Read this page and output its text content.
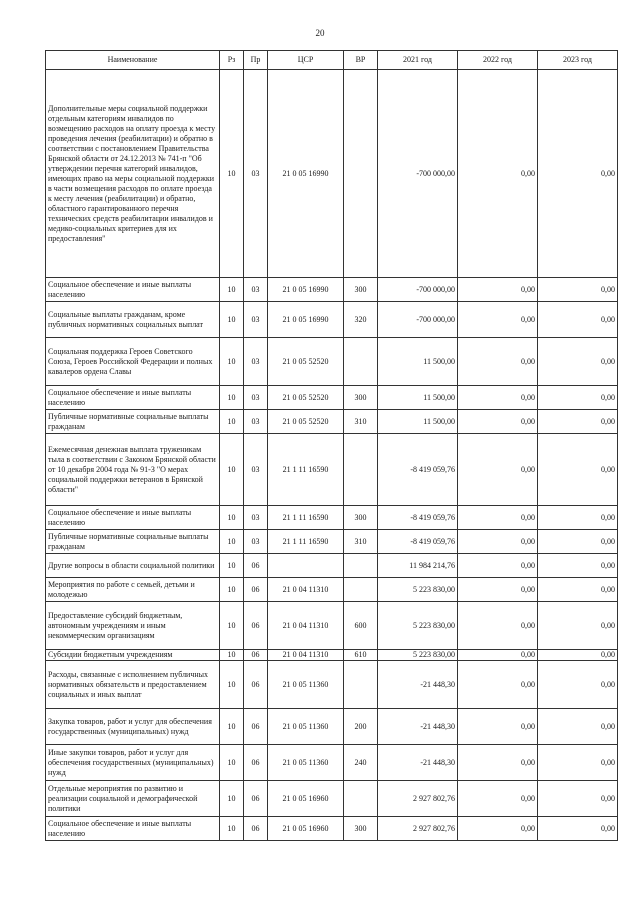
20
Наименование	Рз	Пр	ЦСР	ВР	2021 год	2022 год	2023 год
Дополнительные меры социальной поддержки отдельным категориям инвалидов по возмещению расходов на оплату проезда к месту проведения лечения (реабилитации) и обратно в соответствии с постановлением Правительства Брянской области от 24.12.2013 № 741-п "Об утверждении перечня категорий инвалидов, имеющих право на меры социальной поддержки в части возмещения расходов по оплате проезда к месту лечения (реабилитации) и обратно, областного гарантированного перечня технических средств реабилитации инвалидов и медико-социальных критериев для их предоставления"	10	03	21 0 05 16990		-700 000,00	0,00	0,00
Социальное обеспечение и иные выплаты населению	10	03	21 0 05 16990	300	-700 000,00	0,00	0,00
Социальные выплаты гражданам, кроме публичных нормативных социальных выплат	10	03	21 0 05 16990	320	-700 000,00	0,00	0,00
Социальная поддержка Героев Советского Союза, Героев Российской Федерации и полных кавалеров ордена Славы	10	03	21 0 05 52520		11 500,00	0,00	0,00
Социальное обеспечение и иные выплаты населению	10	03	21 0 05 52520	300	11 500,00	0,00	0,00
Публичные нормативные социальные выплаты гражданам	10	03	21 0 05 52520	310	11 500,00	0,00	0,00
Ежемесячная денежная выплата труженикам тыла в соответствии с Законом Брянской области от 10 декабря 2004 года № 91-З "О мерах социальной поддержки ветеранов в Брянской области"	10	03	21 1 11 16590		-8 419 059,76	0,00	0,00
Социальное обеспечение и иные выплаты населению	10	03	21 1 11 16590	300	-8 419 059,76	0,00	0,00
Публичные нормативные социальные выплаты гражданам	10	03	21 1 11 16590	310	-8 419 059,76	0,00	0,00
Другие вопросы в области социальной политики	10	06			11 984 214,76	0,00	0,00
Мероприятия по работе с семьей, детьми и молодежью	10	06	21 0 04 11310		5 223 830,00	0,00	0,00
Предоставление субсидий бюджетным, автономным учреждениям и иным некоммерческим организациям	10	06	21 0 04 11310	600	5 223 830,00	0,00	0,00
Субсидии бюджетным учреждениям	10	06	21 0 04 11310	610	5 223 830,00	0,00	0,00
Расходы, связанные с исполнением публичных нормативных обязательств и предоставлением социальных и иных выплат	10	06	21 0 05 11360		-21 448,30	0,00	0,00
Закупка товаров, работ и услуг для обеспечения государственных (муниципальных) нужд	10	06	21 0 05 11360	200	-21 448,30	0,00	0,00
Иные закупки товаров, работ и услуг для обеспечения государственных (муниципальных) нужд	10	06	21 0 05 11360	240	-21 448,30	0,00	0,00
Отдельные мероприятия по развитию и реализации социальной и демографической политики	10	06	21 0 05 16960		2 927 802,76	0,00	0,00
Социальное обеспечение и иные выплаты населению	10	06	21 0 05 16960	300	2 927 802,76	0,00	0,00
